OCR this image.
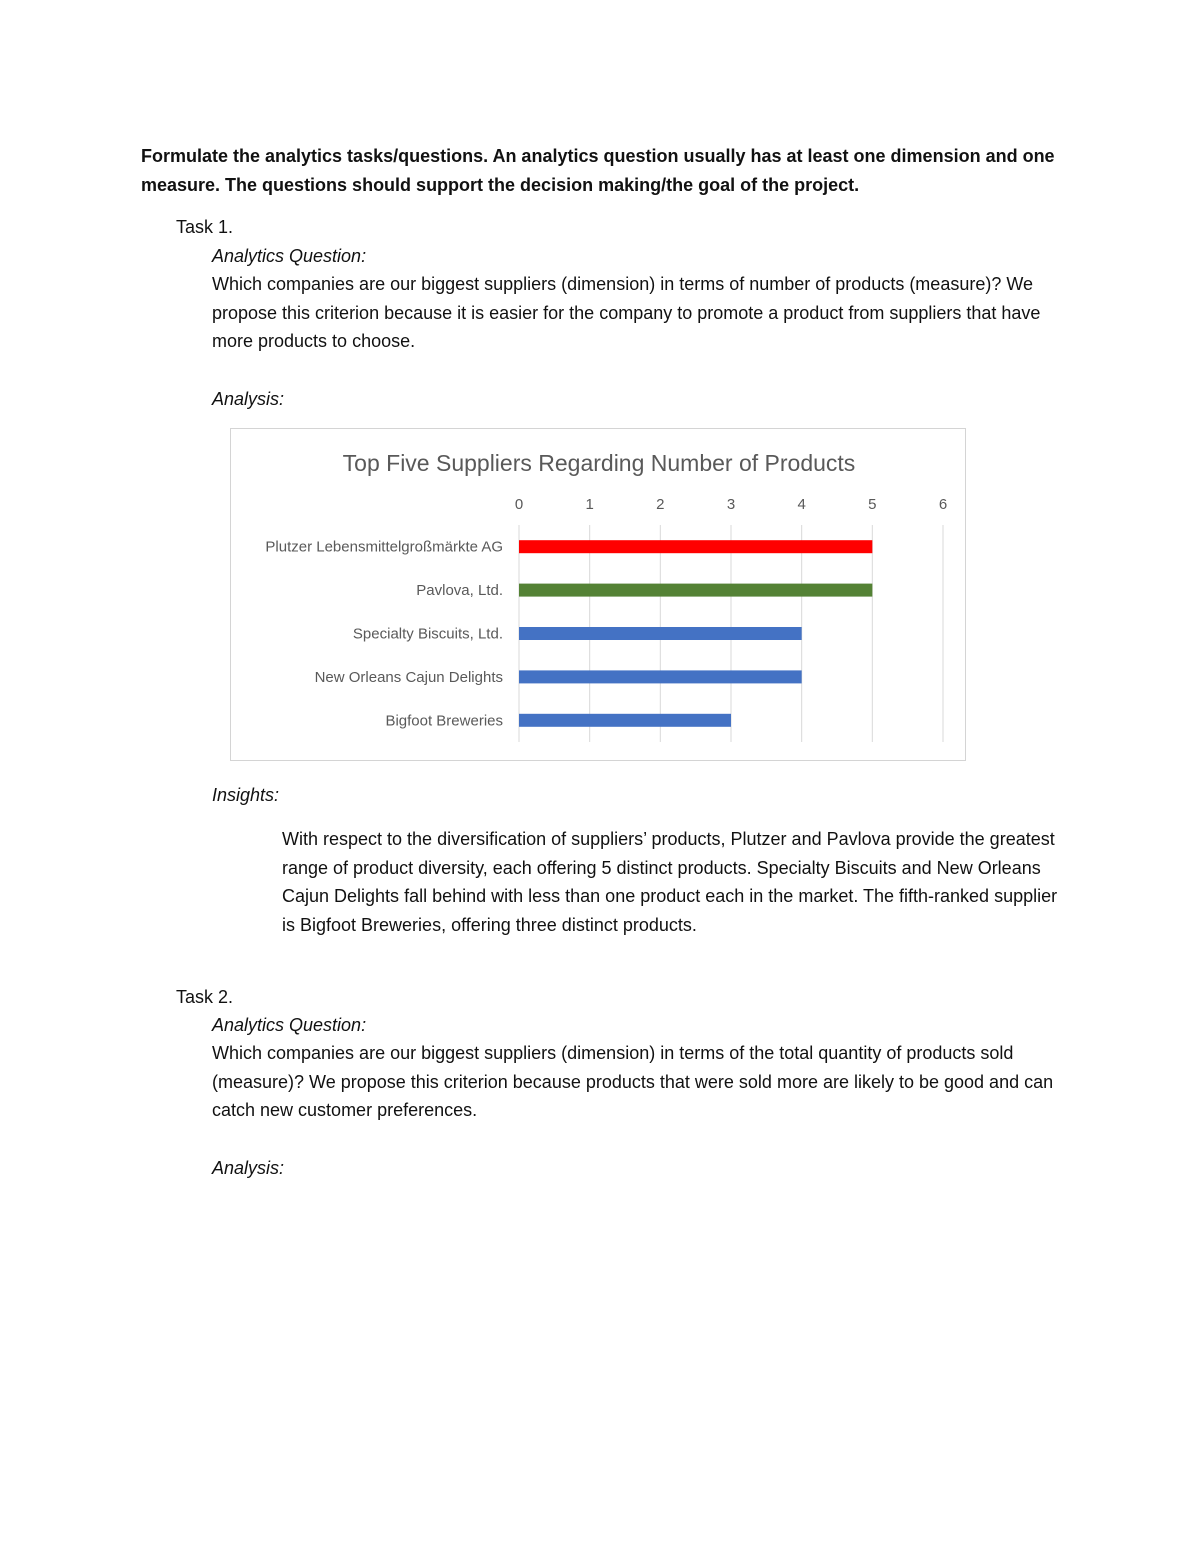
Formulate the analytics tasks/questions. An analytics question usually has at least one dimension and one measure. The questions should support the decision making/the goal of the project.

Task 1.

Analytics Question:

Which companies are our biggest suppliers (dimension) in terms of number of products (measure)? We propose this criterion because it is easier for the company to promote a product from suppliers that have more products to choose.

Analysis:

Top Five Suppliers Regarding Number of Products
0	1	2	3	4	5	6
Plutzer Lebensmittelgroßmärkte AG
Pavlova, Ltd.
Specialty Biscuits, Ltd.
New Orleans Cajun Delights
Bigfoot Breweries

Insights:

With respect to the diversification of suppliers’ products, Plutzer and Pavlova provide the greatest range of product diversity, each offering 5 distinct products. Specialty Biscuits and New Orleans Cajun Delights fall behind with less than one product each in the market. The fifth-ranked supplier is Bigfoot Breweries, offering three distinct products.

Task 2.

Analytics Question:

Which companies are our biggest suppliers (dimension) in terms of the total quantity of products sold (measure)? We propose this criterion because products that were sold more are likely to be good and can catch new customer preferences.

Analysis:
